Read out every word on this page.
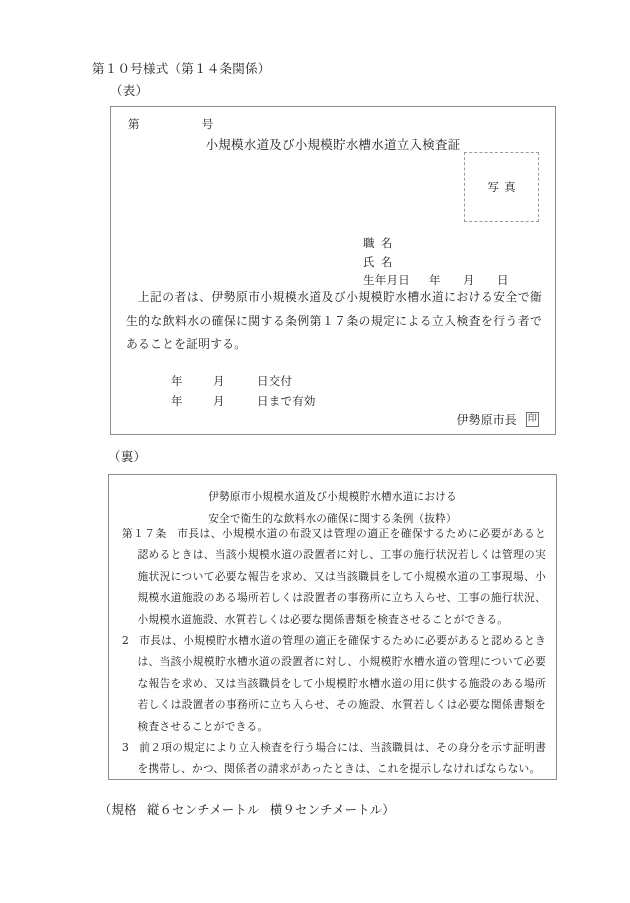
第１０号様式（第１４条関係）
（表）
第	号
小規模水道及び小規模貯水槽水道立入検査証
写真
職名
氏名
生年月日 年 月 日
上記の者は、伊勢原市小規模水道及び小規模貯水槽水道における安全で衛生的な飲料水の確保に関する条例第１７条の規定による立入検査を行う者であることを証明する。
年	月	日交付
年	月	日まで有効
伊勢原市長 印
（裏）
伊勢原市小規模水道及び小規模貯水槽水道における
安全で衛生的な飲料水の確保に関する条例（抜粋）

第１７条 市長は、小規模水道の布設又は管理の適正を確保するために必要があると認めるときは、当該小規模水道の設置者に対し、工事の施行状況若しくは管理の実施状況について必要な報告を求め、又は当該職員をして小規模水道の工事現場、小規模水道施設のある場所若しくは設置者の事務所に立ち入らせ、工事の施行状況、小規模水道施設、水質若しくは必要な関係書類を検査させることができる。

2 市長は、小規模貯水槽水道の管理の適正を確保するために必要があると認めるときは、当該小規模貯水槽水道の設置者に対し、小規模貯水槽水道の管理について必要な報告を求め、又は当該職員をして小規模貯水槽水道の用に供する施設のある場所若しくは設置者の事務所に立ち入らせ、その施設、水質若しくは必要な関係書類を検査させることができる。

3 前２項の規定により立入検査を行う場合には、当該職員は、その身分を示す証明書を携帯し、かつ、関係者の請求があったときは、これを提示しなければならない。

（規格 縦６センチメートル 横９センチメートル）
